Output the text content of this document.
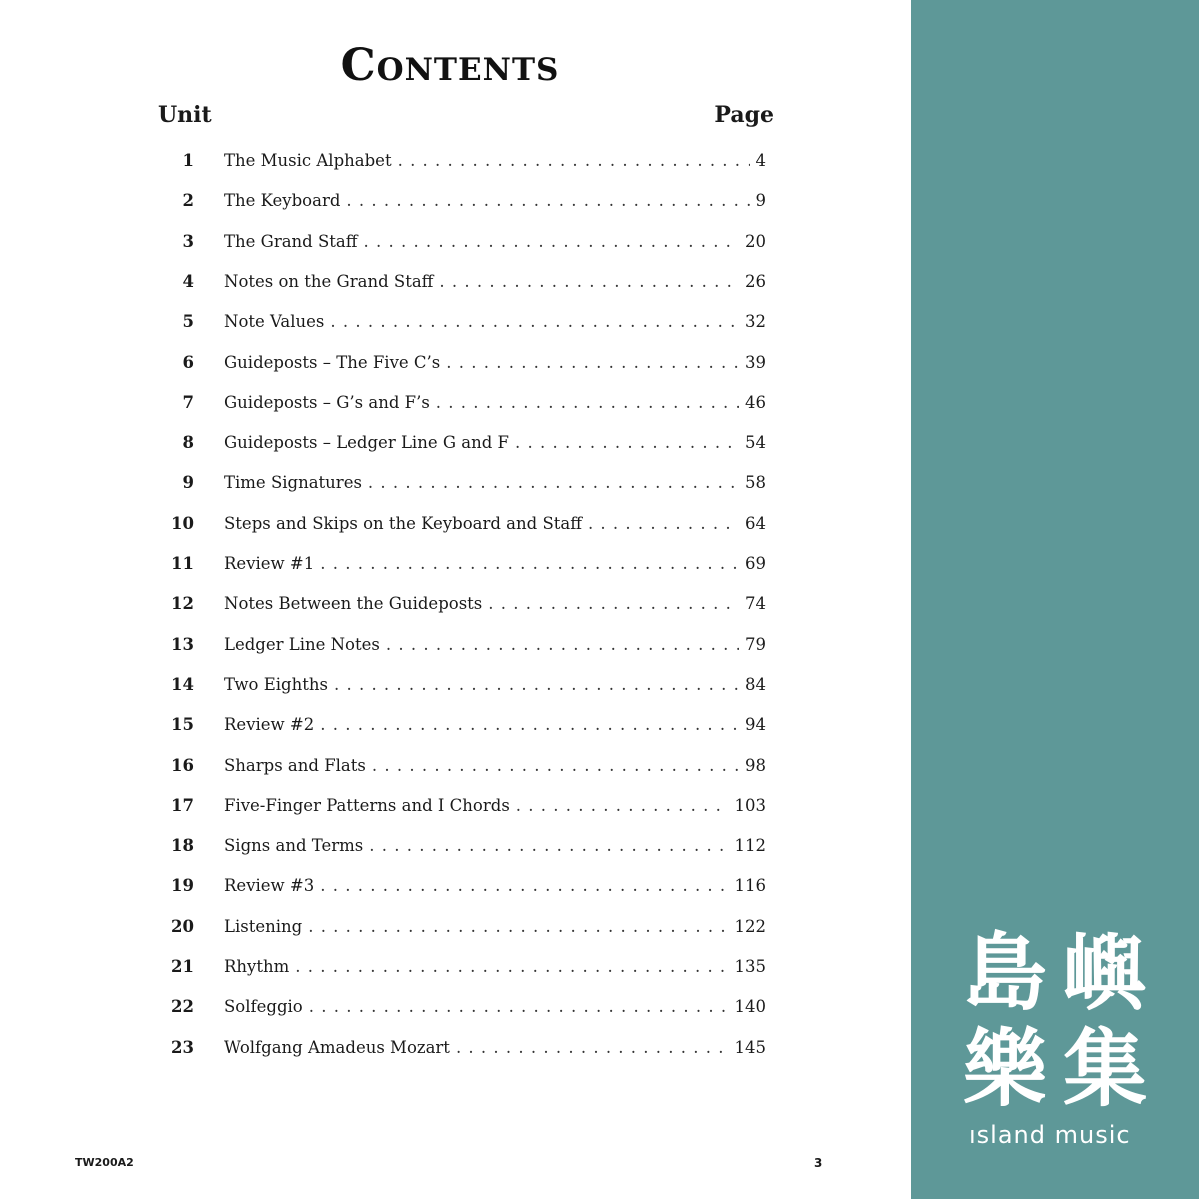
Contents
Unit	Page
1 The Music Alphabet . . .	4
2 The Keyboard . . .	9
3 The Grand Staff . . .	20
4 Notes on the Grand Staff . . .	26
5 Note Values . . .	32
6 Guideposts – The Five C’s . . .	39
7 Guideposts – G’s and F’s . . .	46
8 Guideposts – Ledger Line G and F . . .	54
9 Time Signatures . . .	58
10 Steps and Skips on the Keyboard and Staff . . .	64
11 Review #1 . . .	69
12 Notes Between the Guideposts . . .	74
13 Ledger Line Notes . . .	79
14 Two Eighths . . .	84
15 Review #2 . . .	94
16 Sharps and Flats . . .	98
17 Five-Finger Patterns and I Chords . . .	103
18 Signs and Terms . . .	112
19 Review #3 . . .	116
20 Listening . . .	122
21 Rhythm . . .	135
22 Solfeggio . . .	140
23 Wolfgang Amadeus Mozart . . .	145
TW200A2	3
島 嶼
樂 集
ısland music
